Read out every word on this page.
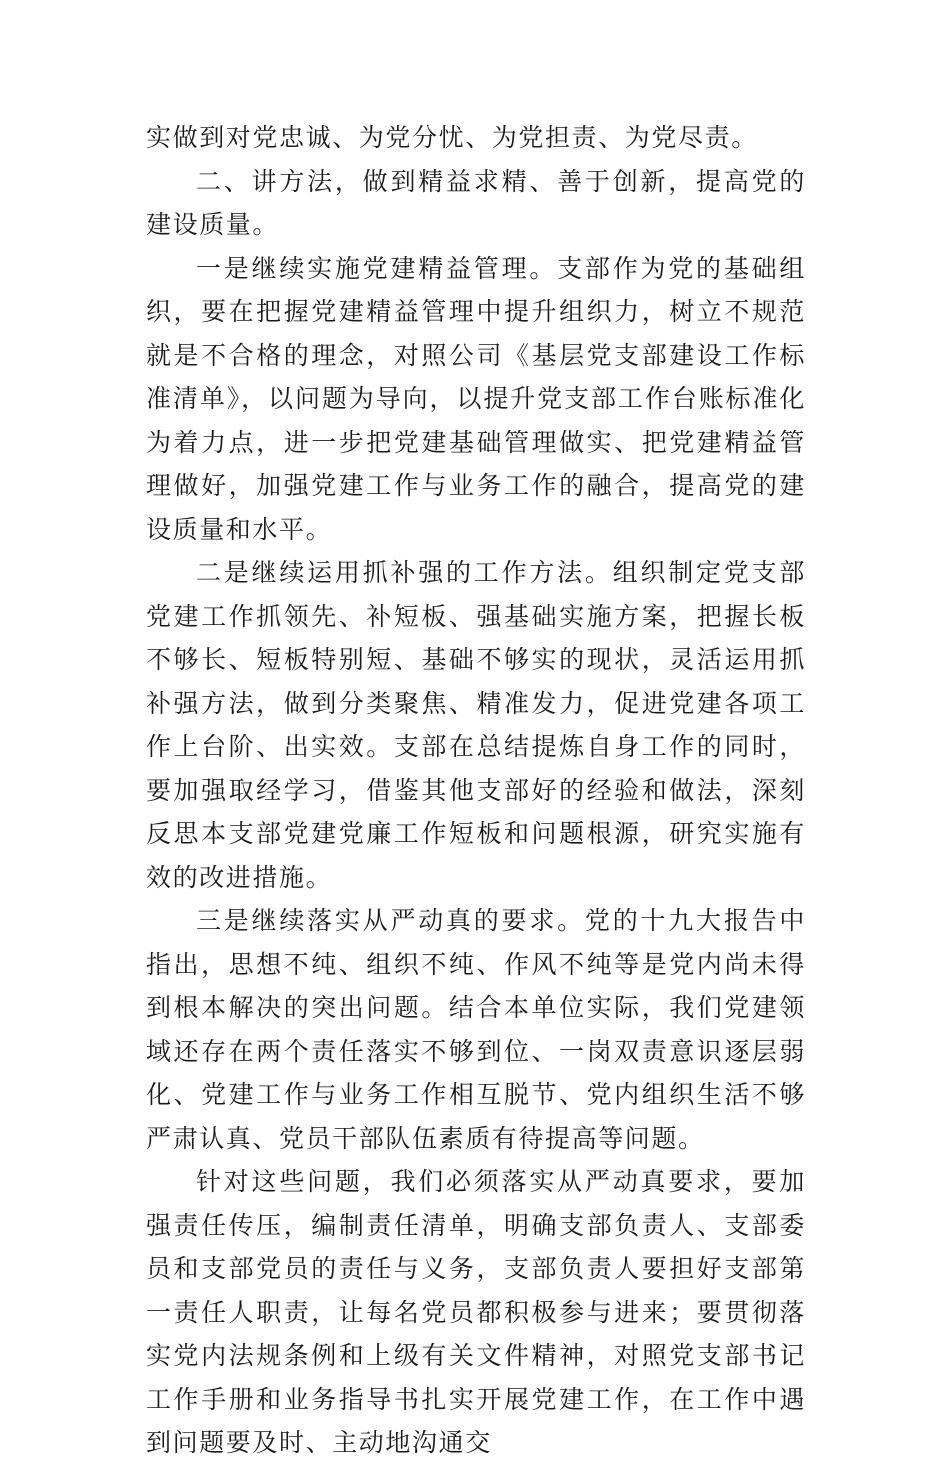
实做到对党忠诚、为党分忧、为党担责、为党尽责。

二、讲方法，做到精益求精、善于创新，提高党的建设质量。

一是继续实施党建精益管理。支部作为党的基础组织，要在把握党建精益管理中提升组织力，树立不规范就是不合格的理念，对照公司《基层党支部建设工作标准清单》，以问题为导向，以提升党支部工作台账标准化为着力点，进一步把党建基础管理做实、把党建精益管理做好，加强党建工作与业务工作的融合，提高党的建设质量和水平。

二是继续运用抓补强的工作方法。组织制定党支部党建工作抓领先、补短板、强基础实施方案，把握长板不够长、短板特别短、基础不够实的现状，灵活运用抓补强方法，做到分类聚焦、精准发力，促进党建各项工作上台阶、出实效。支部在总结提炼自身工作的同时，要加强取经学习，借鉴其他支部好的经验和做法，深刻反思本支部党建党廉工作短板和问题根源，研究实施有效的改进措施。

三是继续落实从严动真的要求。党的十九大报告中指出，思想不纯、组织不纯、作风不纯等是党内尚未得到根本解决的突出问题。结合本单位实际，我们党建领域还存在两个责任落实不够到位、一岗双责意识逐层弱化、党建工作与业务工作相互脱节、党内组织生活不够严肃认真、党员干部队伍素质有待提高等问题。

针对这些问题，我们必须落实从严动真要求，要加强责任传压，编制责任清单，明确支部负责人、支部委员和支部党员的责任与义务，支部负责人要担好支部第一责任人职责，让每名党员都积极参与进来；要贯彻落实党内法规条例和上级有关文件精神，对照党支部书记工作手册和业务指导书扎实开展党建工作，在工作中遇到问题要及时、主动地沟通交
